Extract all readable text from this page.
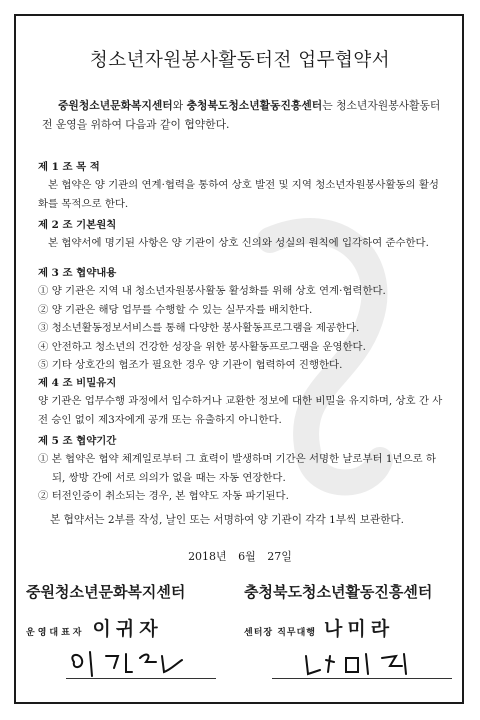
청소년자원봉사활동터전 업무협약서
중원청소년문화복지센터와 충청북도청소년활동진흥센터는 청소년자원봉사활동터전 운영을 위하여 다음과 같이 협약한다.
제 1 조 목 적
본 협약은 양 기관의 연계·협력을 통하여 상호 발전 및 지역 청소년자원봉사활동의 활성화를 목적으로 한다.
제 2 조 기본원칙
본 협약서에 명기된 사항은 양 기관이 상호 신의와 성실의 원칙에 입각하여 준수한다.
제 3 조 협약내용
① 양 기관은 지역 내 청소년자원봉사활동 활성화를 위해 상호 연계·협력한다.
② 양 기관은 해당 업무를 수행할 수 있는 실무자를 배치한다.
③ 청소년활동정보서비스를 통해 다양한 봉사활동프로그램을 제공한다.
④ 안전하고 청소년의 건강한 성장을 위한 봉사활동프로그램을 운영한다.
⑤ 기타 상호간의 협조가 필요한 경우 양 기관이 협력하여 진행한다.
제 4 조 비밀유지
양 기관은 업무수행 과정에서 입수하거나 교환한 정보에 대한 비밀을 유지하며, 상호 간 사전 승인 없이 제3자에게 공개 또는 유출하지 아니한다.
제 5 조 협약기간
① 본 협약은 협약 체계일로부터 그 효력이 발생하며 기간은 서명한 날로부터 1년으로 하되, 쌍방 간에 서로 의의가 없을 때는 자동 연장한다.
② 터전인증이 취소되는 경우, 본 협약도 자동 파기된다.
본 협약서는 2부를 작성, 날인 또는 서명하여 양 기관이 각각 1부씩 보관한다.
2018년 6월 27일
중원청소년문화복지센터	충청북도청소년활동진흥센터
운영대표자 이귀자	센터장 직무대행 나미라
